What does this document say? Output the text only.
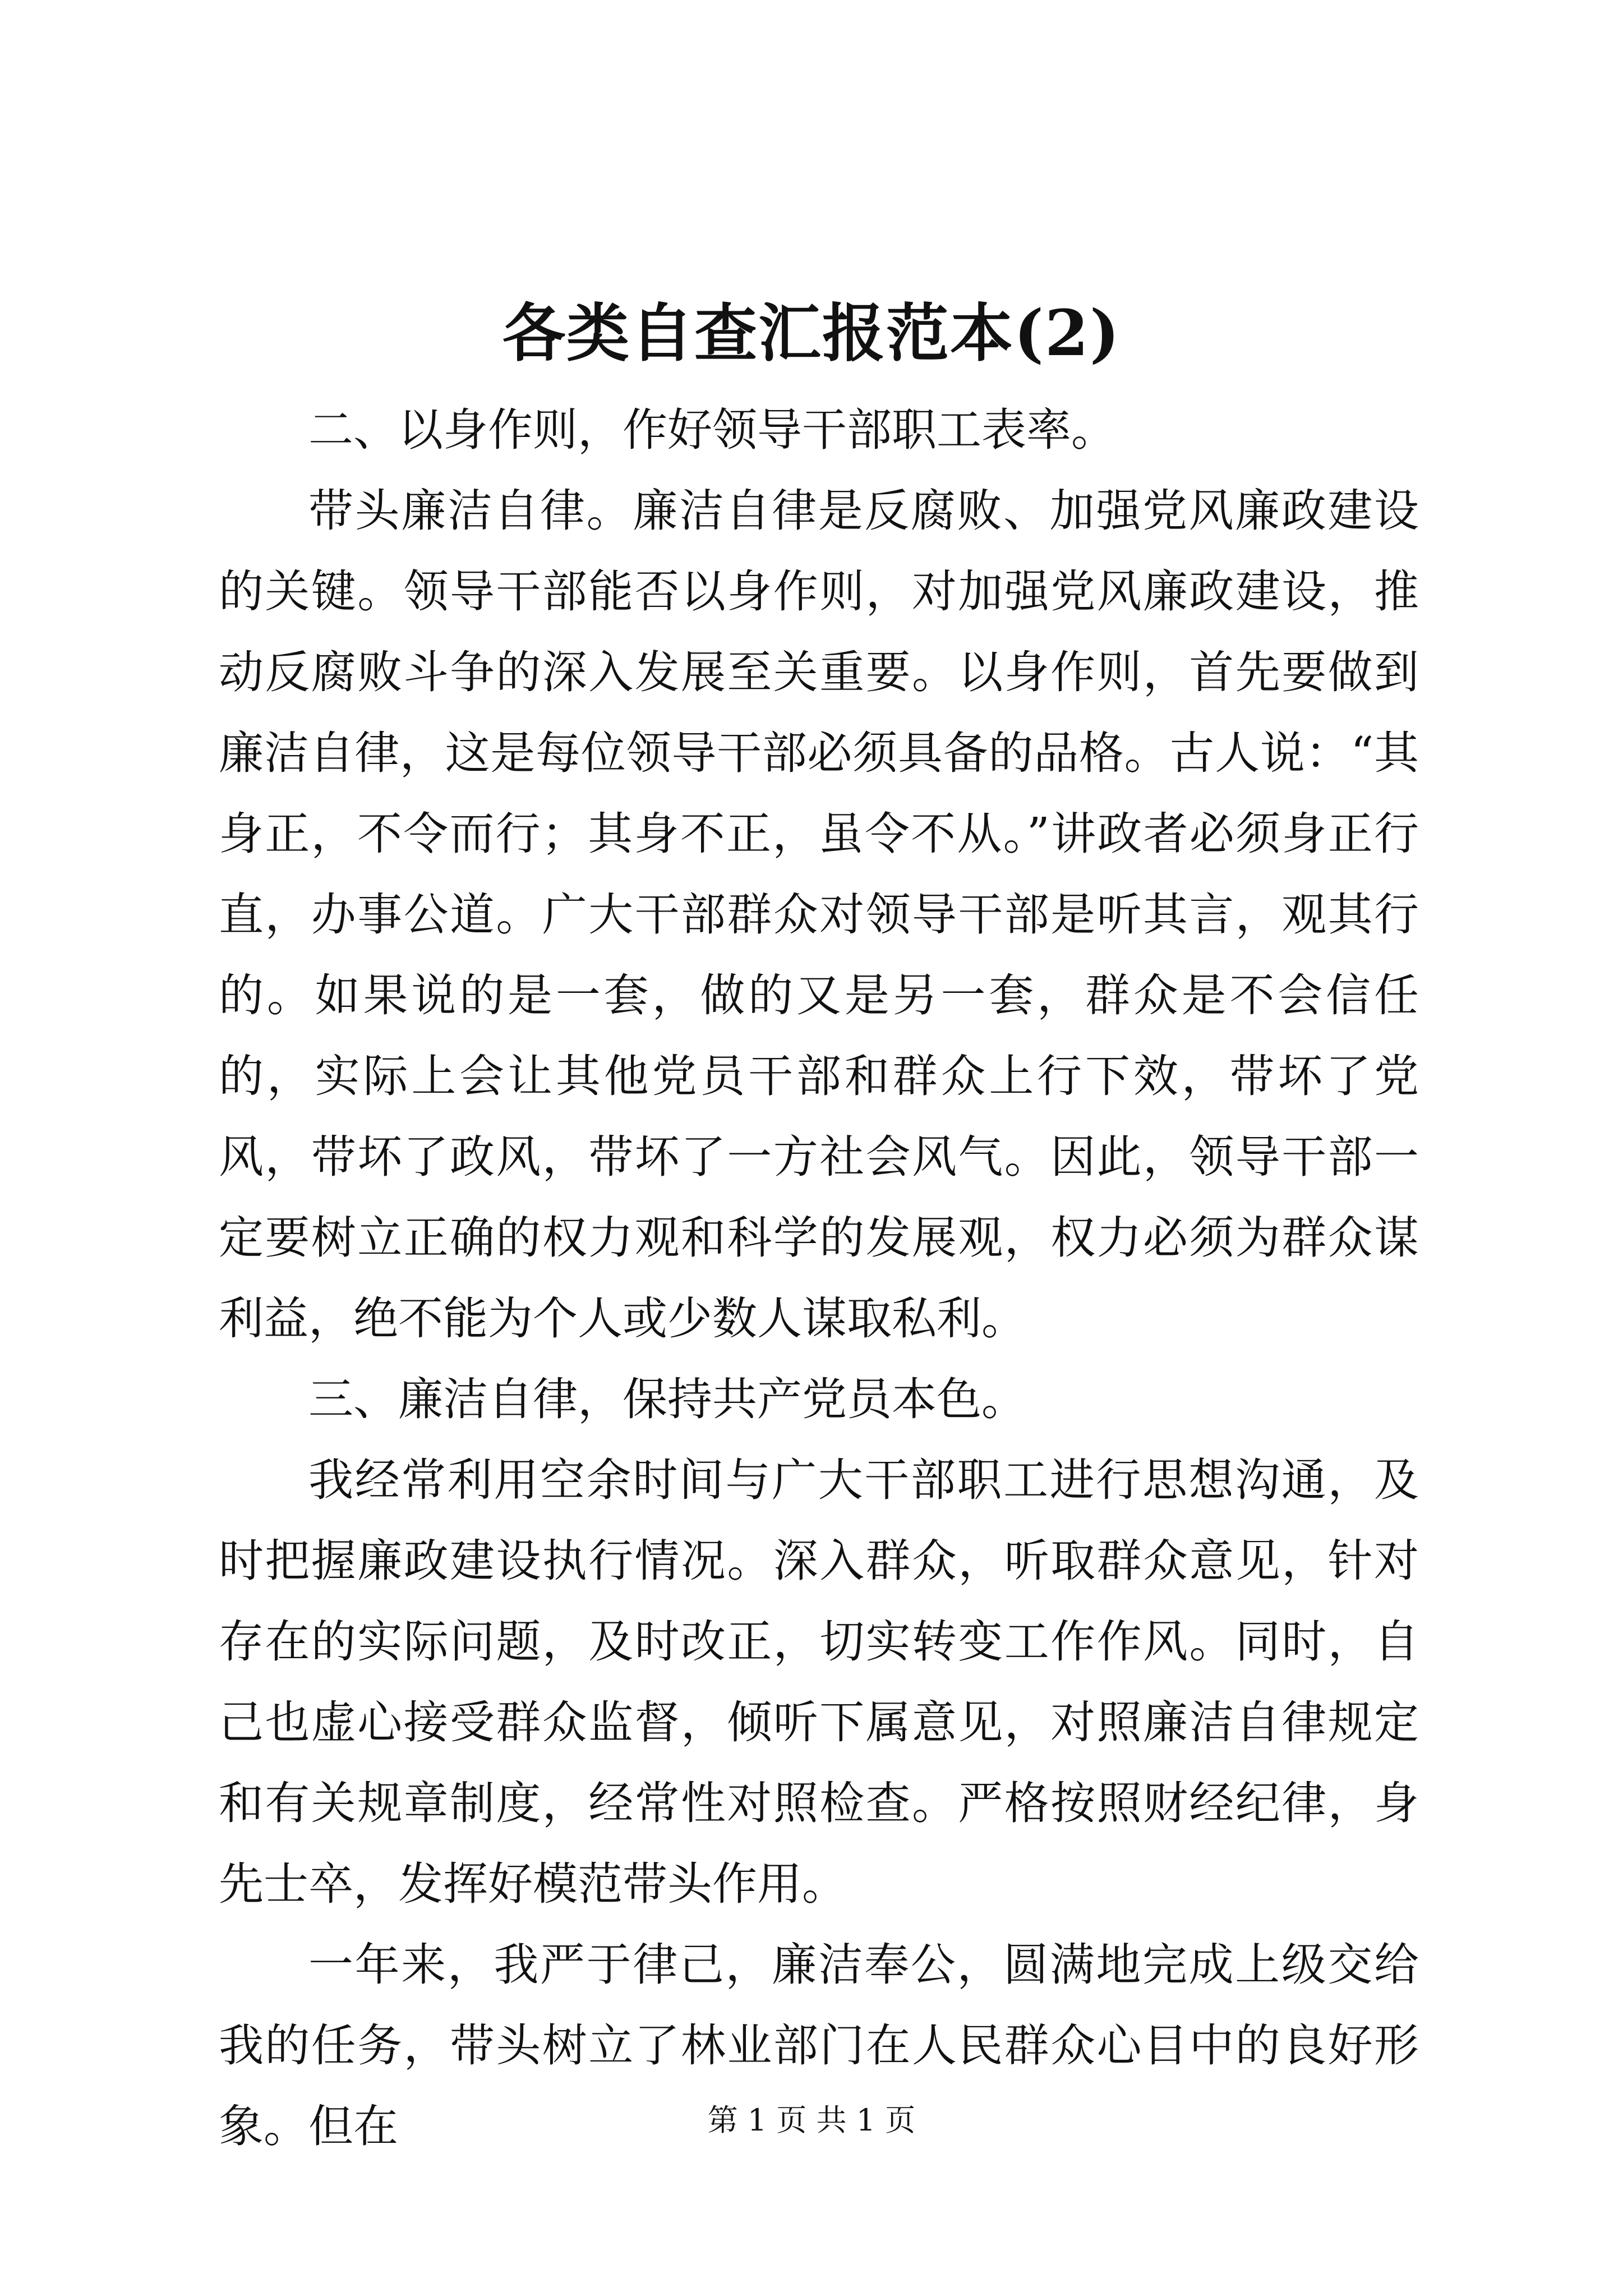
各类自查汇报范本(2)

二、以身作则，作好领导干部职工表率。

带头廉洁自律。廉洁自律是反腐败、加强党风廉政建设的关键。领导干部能否以身作则，对加强党风廉政建设，推动反腐败斗争的深入发展至关重要。以身作则，首先要做到廉洁自律，这是每位领导干部必须具备的品格。古人说：“其身正，不令而行；其身不正，虽令不从。”讲政者必须身正行直，办事公道。广大干部群众对领导干部是听其言，观其行的。如果说的是一套，做的又是另一套，群众是不会信任的，实际上会让其他党员干部和群众上行下效，带坏了党风，带坏了政风，带坏了一方社会风气。因此，领导干部一定要树立正确的权力观和科学的发展观，权力必须为群众谋利益，绝不能为个人或少数人谋取私利。

三、廉洁自律，保持共产党员本色。

我经常利用空余时间与广大干部职工进行思想沟通，及时把握廉政建设执行情况。深入群众，听取群众意见，针对存在的实际问题，及时改正，切实转变工作作风。同时，自己也虚心接受群众监督，倾听下属意见，对照廉洁自律规定和有关规章制度，经常性对照检查。严格按照财经纪律，身先士卒，发挥好模范带头作用。

一年来，我严于律己，廉洁奉公，圆满地完成上级交给我的任务，带头树立了林业部门在人民群众心目中的良好形象。但在	第 1 页 共 1 页
